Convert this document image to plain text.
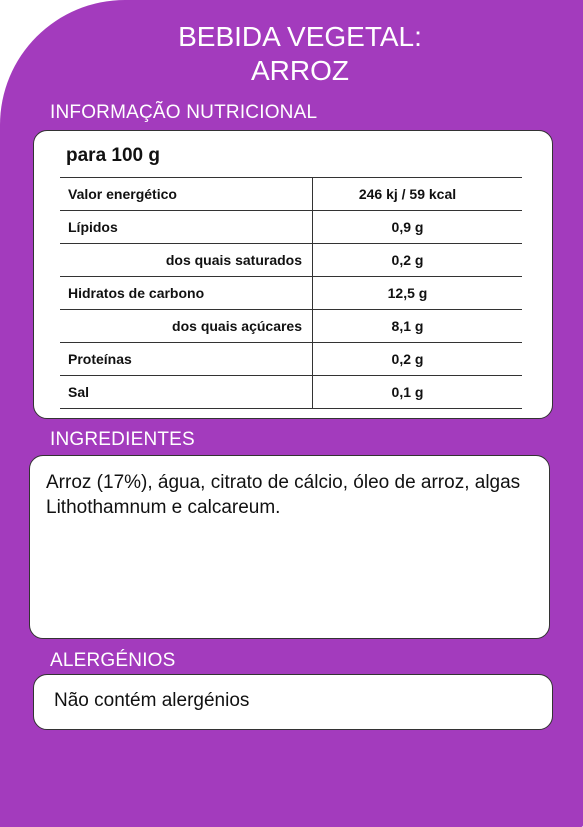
BEBIDA VEGETAL:
ARROZ
INFORMAÇÃO NUTRICIONAL
para 100 g
Valor energético	246 kj / 59 kcal
Lípidos	0,9 g
dos quais saturados	0,2 g
Hidratos de carbono	12,5 g
dos quais açúcares	8,1 g
Proteínas	0,2 g
Sal	0,1 g
INGREDIENTES
Arroz (17%), água, citrato de cálcio, óleo de arroz, algas Lithothamnum e calcareum.
ALERGÉNIOS
Não contém alergénios
